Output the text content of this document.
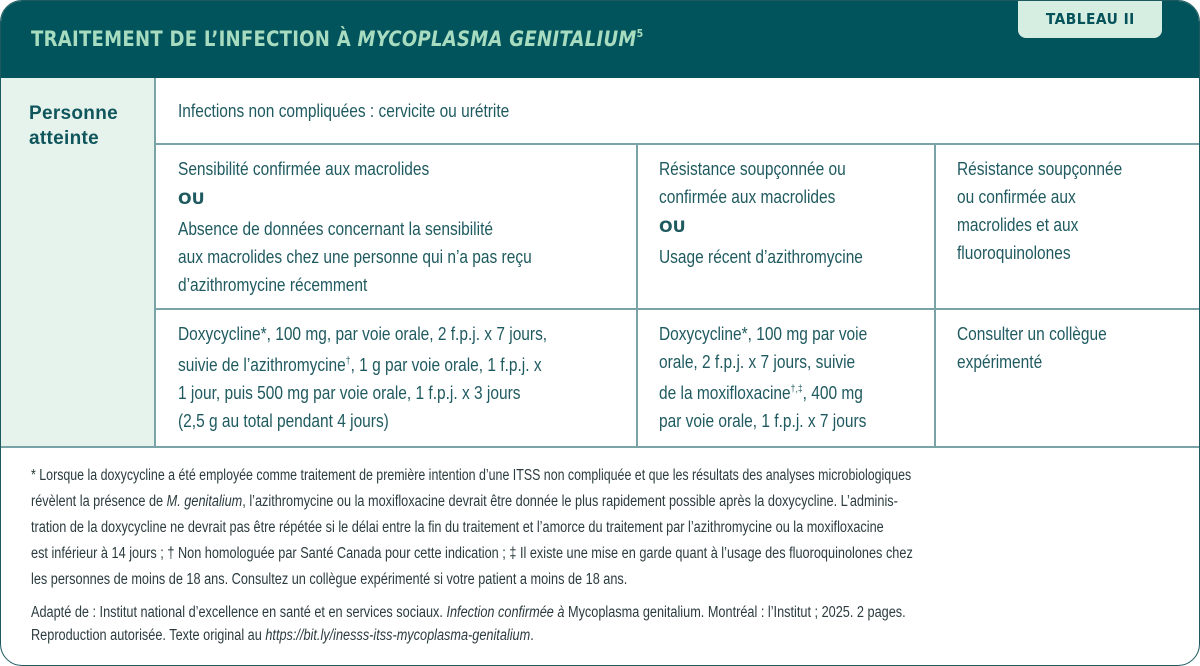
TRAITEMENT DE L’INFECTION À MYCOPLASMA GENITALIUM$^5$
TABLEAU II
Personne
atteinte
Infections non compliquées : cervicite ou urétrite
Sensibilité confirmée aux macrolides
OU
Absence de données concernant la sensibilité
aux macrolides chez une personne qui n’a pas reçu
d’azithromycine récemment
Résistance soupçonnée ou
confirmée aux macrolides
OU
Usage récent d’azithromycine
Résistance soupçonnée
ou confirmée aux
macrolides et aux
fluoroquinolones
Doxycycline*, 100 mg, par voie orale, 2 f.p.j. x 7 jours,
suivie de l’azithromycine†, 1 g par voie orale, 1 f.p.j. x
1 jour, puis 500 mg par voie orale, 1 f.p.j. x 3 jours
(2,5 g au total pendant 4 jours)
Doxycycline*, 100 mg par voie
orale, 2 f.p.j. x 7 jours, suivie
de la moxifloxacine†,‡, 400 mg
par voie orale, 1 f.p.j. x 7 jours
Consulter un collègue
expérimenté

* Lorsque la doxycycline a été employée comme traitement de première intention d’une ITSS non compliquée et que les résultats des analyses microbiologiques

révèlent la présence de M. genitalium, l’azithromycine ou la moxifloxacine devrait être donnée le plus rapidement possible après la doxycycline. L’adminis-

tration de la doxycycline ne devrait pas être répétée si le délai entre la fin du traitement et l’amorce du traitement par l’azithromycine ou la moxifloxacine

est inférieur à 14 jours ; † Non homologuée par Santé Canada pour cette indication ; ‡ Il existe une mise en garde quant à l’usage des fluoroquinolones chez

les personnes de moins de 18 ans. Consultez un collègue expérimenté si votre patient a moins de 18 ans.

Adapté de : Institut national d’excellence en santé et en services sociaux. Infection confirmée à Mycoplasma genitalium. Montréal : l’Institut ; 2025. 2 pages.

Reproduction autorisée. Texte original au https://bit.ly/inesss-itss-mycoplasma-genitalium.
